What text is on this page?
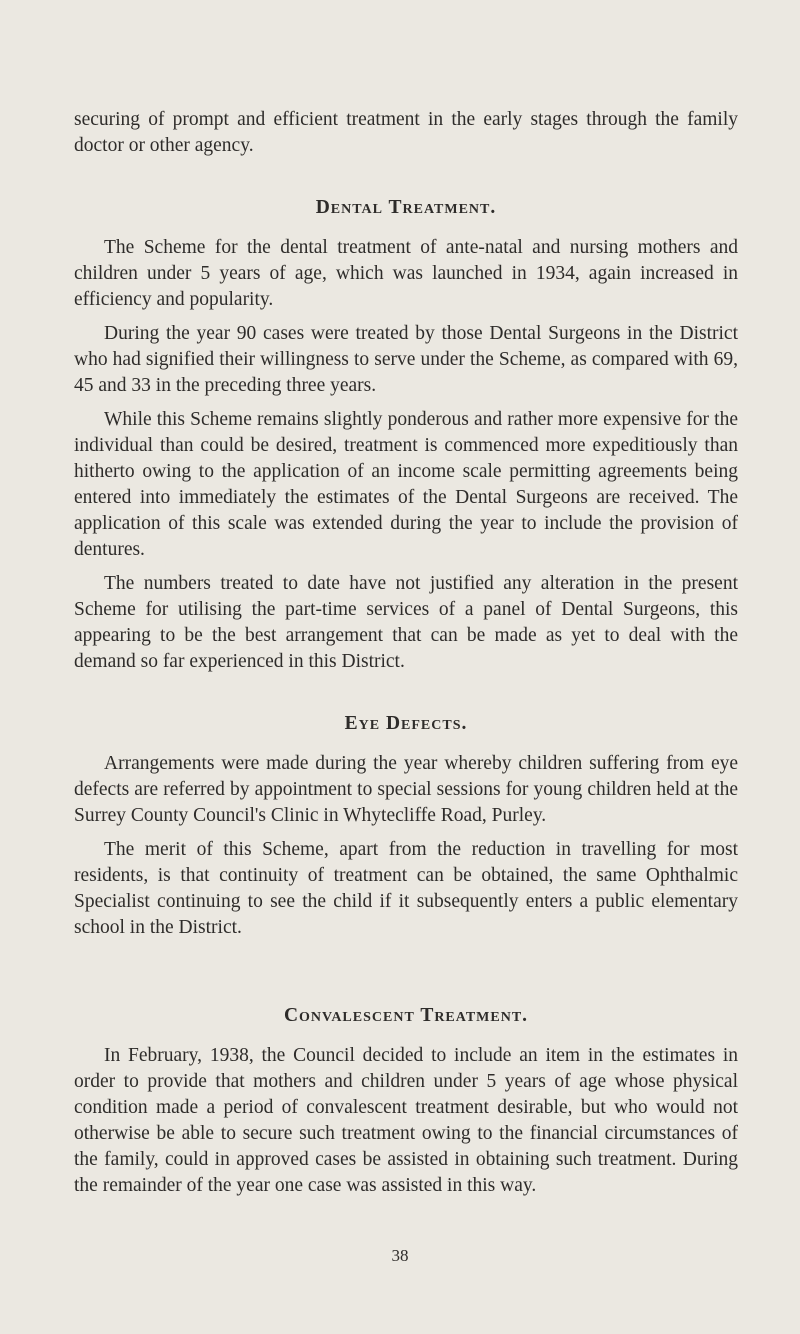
securing of prompt and efficient treatment in the early stages through the family doctor or other agency.

Dental Treatment.

The Scheme for the dental treatment of ante-natal and nursing mothers and children under 5 years of age, which was launched in 1934, again increased in efficiency and popularity.

During the year 90 cases were treated by those Dental Surgeons in the District who had signified their willingness to serve under the Scheme, as compared with 69, 45 and 33 in the preceding three years.

While this Scheme remains slightly ponderous and rather more expensive for the individual than could be desired, treatment is commenced more expeditiously than hitherto owing to the application of an income scale permitting agreements being entered into immediately the estimates of the Dental Surgeons are received. The application of this scale was extended during the year to include the provision of dentures.

The numbers treated to date have not justified any alteration in the present Scheme for utilising the part-time services of a panel of Dental Surgeons, this appearing to be the best arrangement that can be made as yet to deal with the demand so far experienced in this District.

Eye Defects.

Arrangements were made during the year whereby children suffering from eye defects are referred by appointment to special sessions for young children held at the Surrey County Council's Clinic in Whytecliffe Road, Purley.

The merit of this Scheme, apart from the reduction in travelling for most residents, is that continuity of treatment can be obtained, the same Ophthalmic Specialist continuing to see the child if it subsequently enters a public elementary school in the District.

Convalescent Treatment.

In February, 1938, the Council decided to include an item in the estimates in order to provide that mothers and children under 5 years of age whose physical condition made a period of convalescent treatment desirable, but who would not otherwise be able to secure such treatment owing to the financial circumstances of the family, could in approved cases be assisted in obtaining such treatment. During the remainder of the year one case was assisted in this way.

38
